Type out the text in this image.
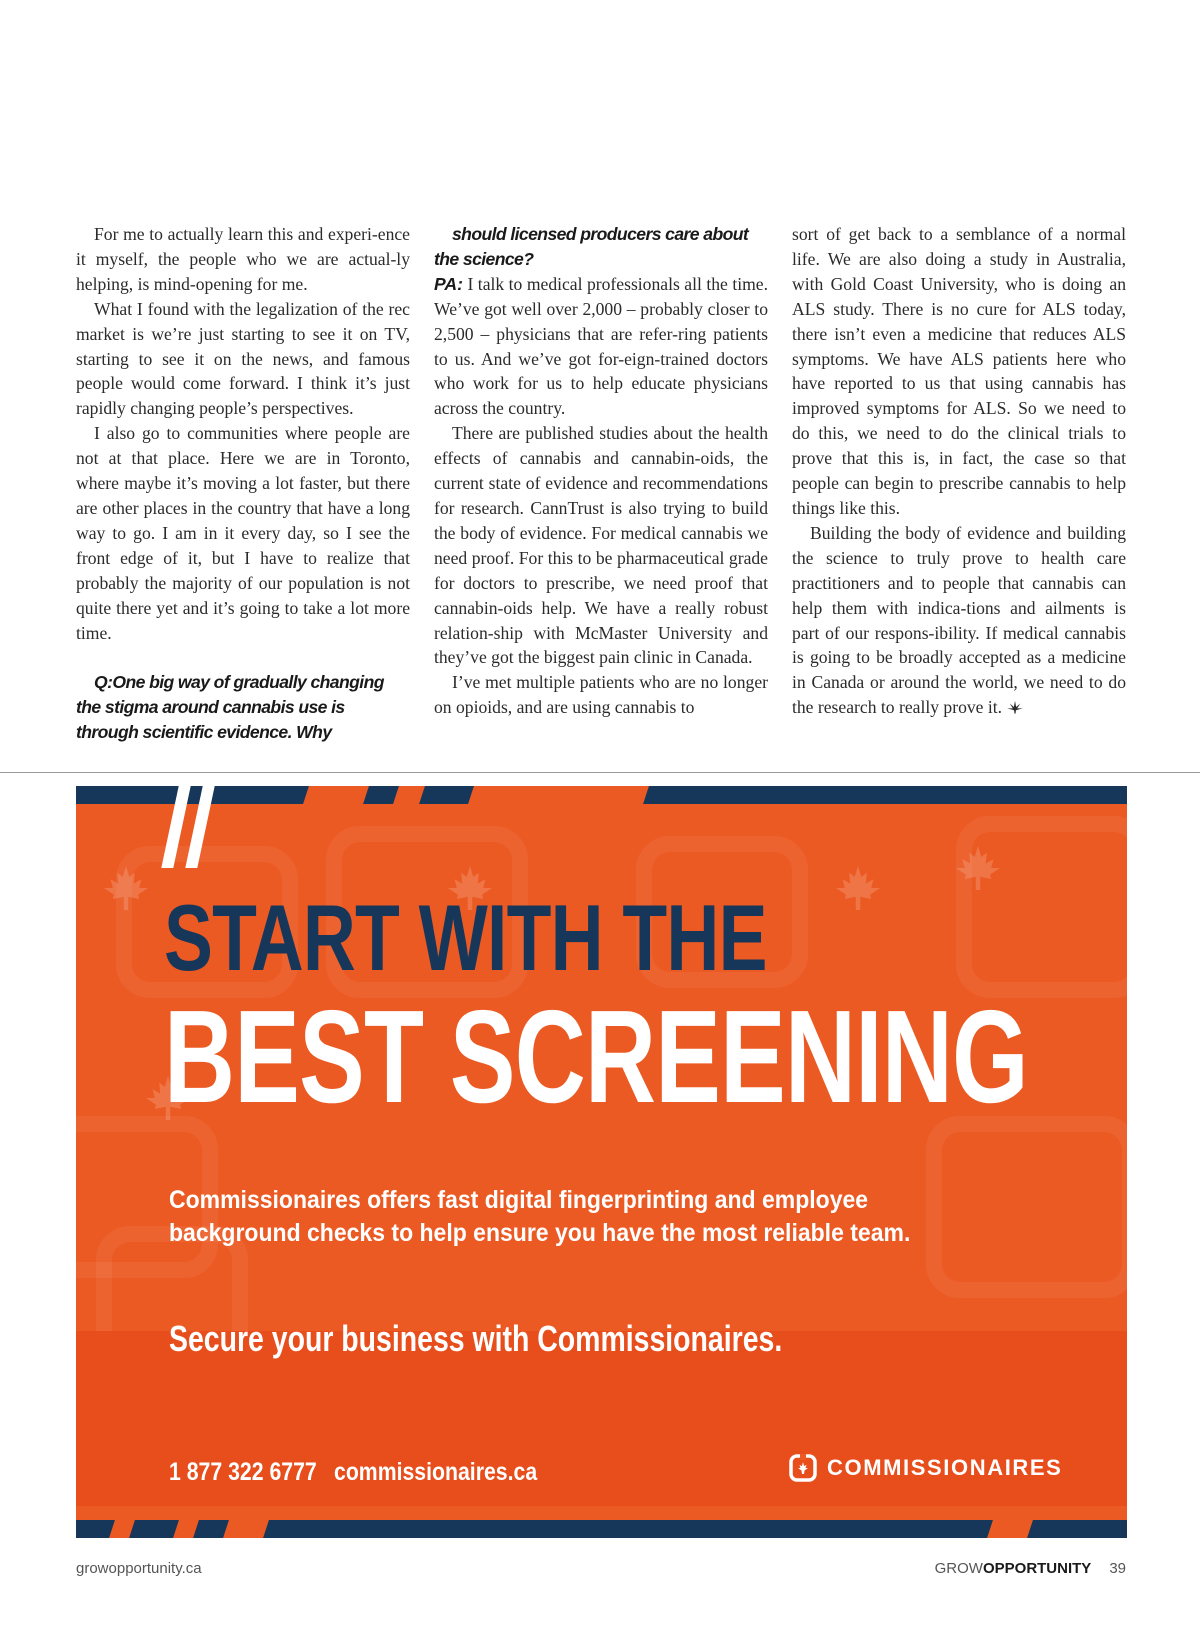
For me to actually learn this and experi-ence it myself, the people who we are actual-ly helping, is mind-opening for me.

What I found with the legalization of the rec market is we’re just starting to see it on TV, starting to see it on the news, and famous people would come forward. I think it’s just rapidly changing people’s perspectives.

I also go to communities where people are not at that place. Here we are in Toronto, where maybe it’s moving a lot faster, but there are other places in the country that have a long way to go. I am in it every day, so I see the front edge of it, but I have to realize that probably the majority of our population is not quite there yet and it’s going to take a lot more time.

Q:One big way of gradually changing the stigma around cannabis use is through scientific evidence. Why

should licensed producers care about the science?

PA: I talk to medical professionals all the time. We’ve got well over 2,000 – probably closer to 2,500 – physicians that are refer-ring patients to us. And we’ve got for-eign-trained doctors who work for us to help educate physicians across the country.

There are published studies about the health effects of cannabis and cannabin-oids, the current state of evidence and recommendations for research. CannTrust is also trying to build the body of evidence. For medical cannabis we need proof. For this to be pharmaceutical grade for doctors to prescribe, we need proof that cannabin-oids help. We have a really robust relation-ship with McMaster University and they’ve got the biggest pain clinic in Canada.

I’ve met multiple patients who are no longer on opioids, and are using cannabis to

sort of get back to a semblance of a normal life. We are also doing a study in Australia, with Gold Coast University, who is doing an ALS study. There is no cure for ALS today, there isn’t even a medicine that reduces ALS symptoms. We have ALS patients here who have reported to us that using cannabis has improved symptoms for ALS. So we need to do this, we need to do the clinical trials to prove that this is, in fact, the case so that people can begin to prescribe cannabis to help things like this.

Building the body of evidence and building the science to truly prove to health care practitioners and to people that cannabis can help them with indica-tions and ailments is part of our respons-ibility. If medical cannabis is going to be broadly accepted as a medicine in Canada or around the world, we need to do the research to really prove it.

START WITH THE
BEST SCREENING
Commissionaires offers fast digital fingerprinting and employee background checks to help ensure you have the most reliable team.
Secure your business with Commissionaires.
1 877 322 6777 commissionaires.ca	COMMISSIONAIRES
growopportunity.ca	GROWOPPORTUNITY 39
